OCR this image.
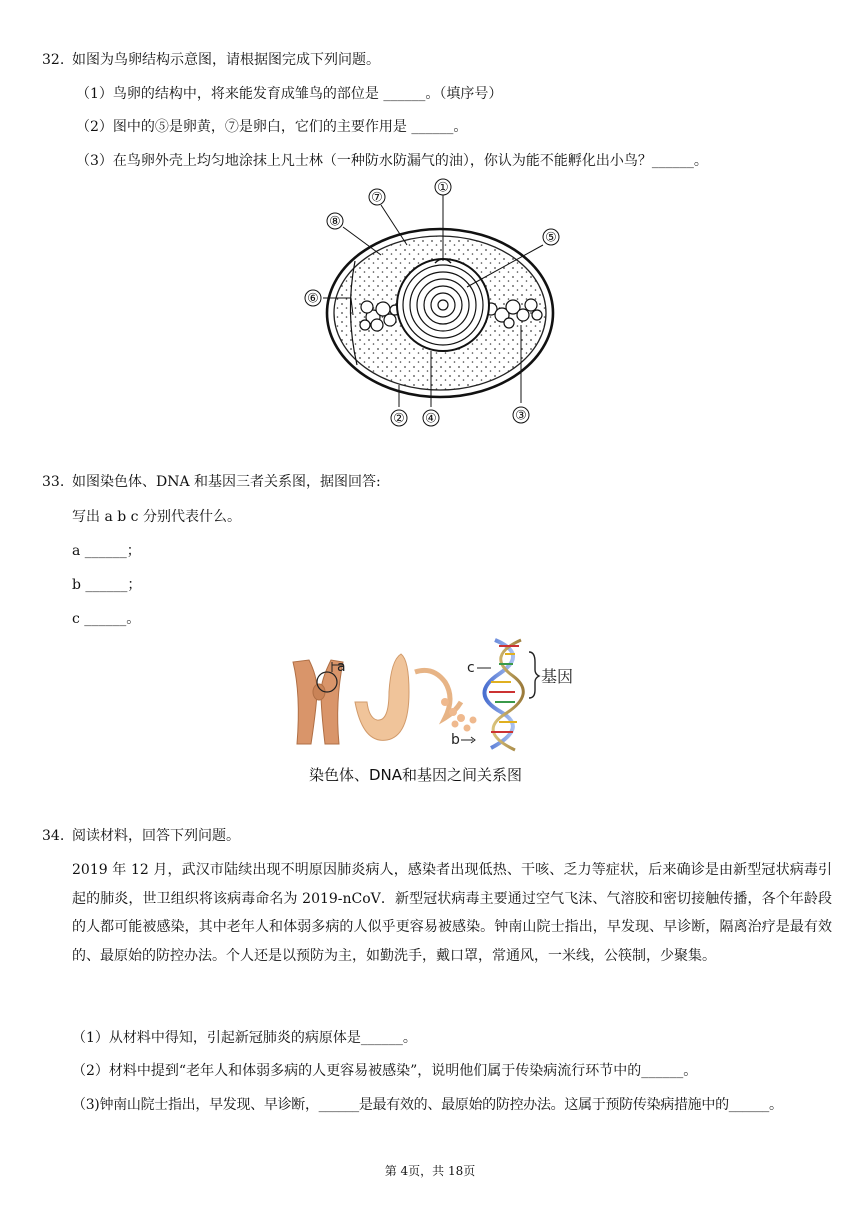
32. 如图为鸟卵结构示意图，请根据图完成下列问题。
（1）鸟卵的结构中，将来能发育成雏鸟的部位是 ______。（填序号）
（2）图中的⑤是卵黄，⑦是卵白，它们的主要作用是 ______。
（3）在鸟卵外壳上均匀地涂抹上凡士林（一种防水防漏气的油），你认为能不能孵化出小鸟？______。
①
⑤
⑦
⑧
⑥
② ④	③
33. 如图染色体、DNA 和基因三者关系图，据图回答:
写出 a b c 分别代表什么。
a ______；
b ______；
c ______。
a	c	基因
b
染色体、DNA和基因之间关系图
34. 阅读材料，回答下列问题。
2019 年 12 月，武汉市陆续出现不明原因肺炎病人，感染者出现低热、干咳、乏力等症状，后来确诊是由新型冠状病毒引起的肺炎，世卫组织将该病毒命名为 2019-nCoV．新型冠状病毒主要通过空气飞沫、气溶胶和密切接触传播，各个年龄段的人都可能被感染，其中老年人和体弱多病的人似乎更容易被感染。钟南山院士指出，早发现、早诊断，隔离治疗是最有效的、最原始的防控办法。个人还是以预防为主，如勤洗手，戴口罩，常通风，一米线，公筷制，少聚集。
（1）从材料中得知，引起新冠肺炎的病原体是______。
（2）材料中提到“老年人和体弱多病的人更容易被感染”，说明他们属于传染病流行环节中的______。
（3)钟南山院士指出，早发现、早诊断，______是最有效的、最原始的防控办法。这属于预防传染病措施中的______。
第 4页，共 18页
